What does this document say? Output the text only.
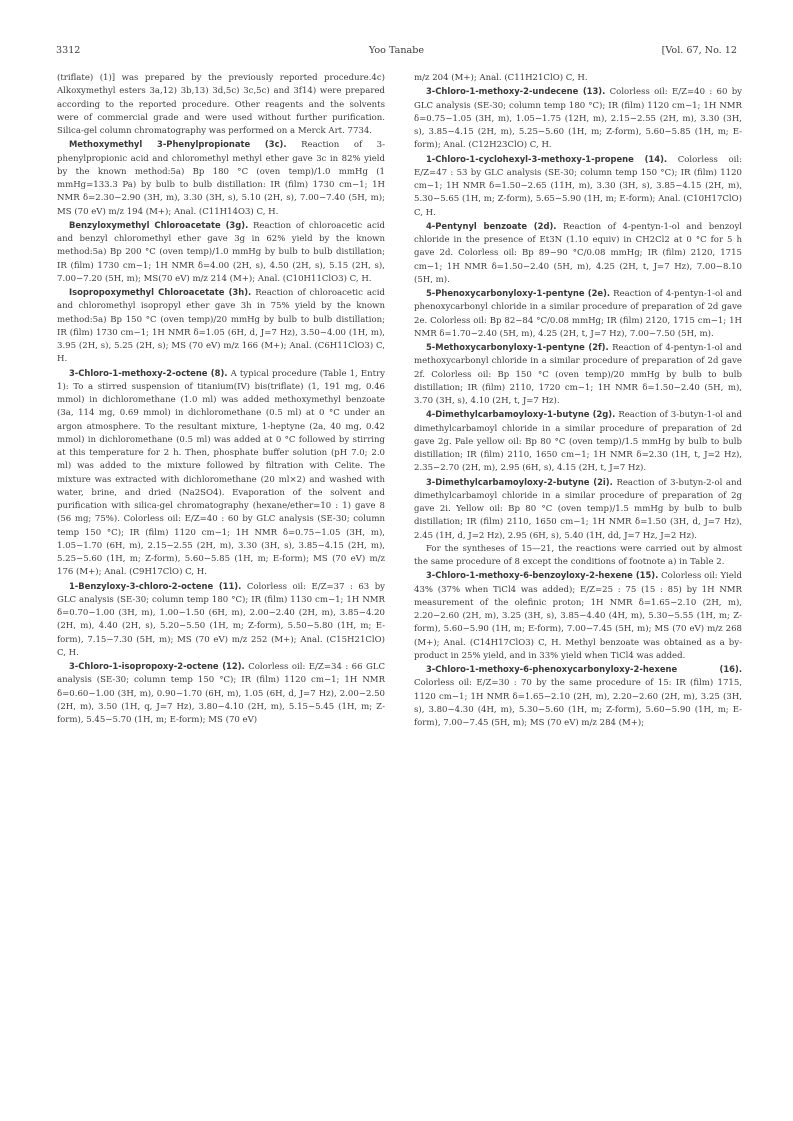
3312	Yoo Tanabe	[Vol. 67, No. 12

(triflate) (1)] was prepared by the previously reported procedure.4c) Alkoxymethyl esters 3a,12) 3b,13) 3d,5c) 3c,5c) and 3f14) were prepared according to the reported procedure. Other reagents and the solvents were of commercial grade and were used without further purification. Silica-gel column chromatography was performed on a Merck Art. 7734.

Methoxymethyl 3-Phenylpropionate (3c). Reaction of 3-phenylpropionic acid and chloromethyl methyl ether gave 3c in 82% yield by the known method:5a) Bp 180 °C (oven temp)/1.0 mmHg (1 mmHg=133.3 Pa) by bulb to bulb distillation: IR (film) 1730 cm−1; 1H NMR δ=2.30−2.90 (3H, m), 3.30 (3H, s), 5.10 (2H, s), 7.00−7.40 (5H, m); MS (70 eV) m/z 194 (M+); Anal. (C11H14O3) C, H.

Benzyloxymethyl Chloroacetate (3g). Reaction of chloroacetic acid and benzyl chloromethyl ether gave 3g in 62% yield by the known method:5a) Bp 200 °C (oven temp)/1.0 mmHg by bulb to bulb distillation; IR (film) 1730 cm−1; 1H NMR δ=4.00 (2H, s), 4.50 (2H, s), 5.15 (2H, s), 7.00−7.20 (5H, m); MS(70 eV) m/z 214 (M+); Anal. (C10H11ClO3) C, H.

Isopropoxymethyl Chloroacetate (3h). Reaction of chloroacetic acid and chloromethyl isopropyl ether gave 3h in 75% yield by the known method:5a) Bp 150 °C (oven temp)/20 mmHg by bulb to bulb distillation; IR (film) 1730 cm−1; 1H NMR δ=1.05 (6H, d, J=7 Hz), 3.50−4.00 (1H, m), 3.95 (2H, s), 5.25 (2H, s); MS (70 eV) m/z 166 (M+); Anal. (C6H11ClO3) C, H.

3-Chloro-1-methoxy-2-octene (8). A typical procedure (Table 1, Entry 1): To a stirred suspension of titanium(IV) bis(triflate) (1, 191 mg, 0.46 mmol) in dichloromethane (1.0 ml) was added methoxymethyl benzoate (3a, 114 mg, 0.69 mmol) in dichloromethane (0.5 ml) at 0 °C under an argon atmosphere. To the resultant mixture, 1-heptyne (2a, 40 mg, 0.42 mmol) in dichloromethane (0.5 ml) was added at 0 °C followed by stirring at this temperature for 2 h. Then, phosphate buffer solution (pH 7.0; 2.0 ml) was added to the mixture followed by filtration with Celite. The mixture was extracted with dichloromethane (20 ml×2) and washed with water, brine, and dried (Na2SO4). Evaporation of the solvent and purification with silica-gel chromatography (hexane/ether=10 : 1) gave 8 (56 mg; 75%). Colorless oil: E/Z=40 : 60 by GLC analysis (SE-30; column temp 150 °C); IR (film) 1120 cm−1; 1H NMR δ=0.75−1.05 (3H, m), 1.05−1.70 (6H, m), 2.15−2.55 (2H, m), 3.30 (3H, s), 3.85−4.15 (2H, m), 5.25−5.60 (1H, m; Z-form), 5.60−5.85 (1H, m; E-form); MS (70 eV) m/z 176 (M+); Anal. (C9H17ClO) C, H.

1-Benzyloxy-3-chloro-2-octene (11). Colorless oil: E/Z=37 : 63 by GLC analysis (SE-30; column temp 180 °C); IR (film) 1130 cm−1; 1H NMR δ=0.70−1.00 (3H, m), 1.00−1.50 (6H, m), 2.00−2.40 (2H, m), 3.85−4.20 (2H, m), 4.40 (2H, s), 5.20−5.50 (1H, m; Z-form), 5.50−5.80 (1H, m; E-form), 7.15−7.30 (5H, m); MS (70 eV) m/z 252 (M+); Anal. (C15H21ClO) C, H.

3-Chloro-1-isopropoxy-2-octene (12). Colorless oil: E/Z=34 : 66 GLC analysis (SE-30; column temp 150 °C); IR (film) 1120 cm−1; 1H NMR δ=0.60−1.00 (3H, m), 0.90−1.70 (6H, m), 1.05 (6H, d, J=7 Hz), 2.00−2.50 (2H, m), 3.50 (1H, q, J=7 Hz), 3.80−4.10 (2H, m), 5.15−5.45 (1H, m; Z-form), 5.45−5.70 (1H, m; E-form); MS (70 eV)

m/z 204 (M+); Anal. (C11H21ClO) C, H.

3-Chloro-1-methoxy-2-undecene (13). Colorless oil: E/Z=40 : 60 by GLC analysis (SE-30; column temp 180 °C); IR (film) 1120 cm−1; 1H NMR δ=0.75−1.05 (3H, m), 1.05−1.75 (12H, m), 2.15−2.55 (2H, m), 3.30 (3H, s), 3.85−4.15 (2H, m), 5.25−5.60 (1H, m; Z-form), 5.60−5.85 (1H, m; E-form); Anal. (C12H23ClO) C, H.

1-Chloro-1-cyclohexyl-3-methoxy-1-propene (14). Colorless oil: E/Z=47 : 53 by GLC analysis (SE-30; column temp 150 °C); IR (film) 1120 cm−1; 1H NMR δ=1.50−2.65 (11H, m), 3.30 (3H, s), 3.85−4.15 (2H, m), 5.30−5.65 (1H, m; Z-form), 5.65−5.90 (1H, m; E-form); Anal. (C10H17ClO) C, H.

4-Pentynyl benzoate (2d). Reaction of 4-pentyn-1-ol and benzoyl chloride in the presence of Et3N (1.10 equiv) in CH2Cl2 at 0 °C for 5 h gave 2d. Colorless oil: Bp 89−90 °C/0.08 mmHg; IR (film) 2120, 1715 cm−1; 1H NMR δ=1.50−2.40 (5H, m), 4.25 (2H, t, J=7 Hz), 7.00−8.10 (5H, m).

5-Phenoxycarbonyloxy-1-pentyne (2e). Reaction of 4-pentyn-1-ol and phenoxycarbonyl chloride in a similar procedure of preparation of 2d gave 2e. Colorless oil: Bp 82−84 °C/0.08 mmHg; IR (film) 2120, 1715 cm−1; 1H NMR δ=1.70−2.40 (5H, m), 4.25 (2H, t, J=7 Hz), 7.00−7.50 (5H, m).

5-Methoxycarbonyloxy-1-pentyne (2f). Reaction of 4-pentyn-1-ol and methoxycarbonyl chloride in a similar procedure of preparation of 2d gave 2f. Colorless oil: Bp 150 °C (oven temp)/20 mmHg by bulb to bulb distillation; IR (film) 2110, 1720 cm−1; 1H NMR δ=1.50−2.40 (5H, m), 3.70 (3H, s), 4.10 (2H, t, J=7 Hz).

4-Dimethylcarbamoyloxy-1-butyne (2g). Reaction of 3-butyn-1-ol and dimethylcarbamoyl chloride in a similar procedure of preparation of 2d gave 2g. Pale yellow oil: Bp 80 °C (oven temp)/1.5 mmHg by bulb to bulb distillation; IR (film) 2110, 1650 cm−1; 1H NMR δ=2.30 (1H, t, J=2 Hz), 2.35−2.70 (2H, m), 2.95 (6H, s), 4.15 (2H, t, J=7 Hz).

3-Dimethylcarbamoyloxy-2-butyne (2i). Reaction of 3-butyn-2-ol and dimethylcarbamoyl chloride in a similar procedure of preparation of 2g gave 2i. Yellow oil: Bp 80 °C (oven temp)/1.5 mmHg by bulb to bulb distillation; IR (film) 2110, 1650 cm−1; 1H NMR δ=1.50 (3H, d, J=7 Hz), 2.45 (1H, d, J=2 Hz), 2.95 (6H, s), 5.40 (1H, dd, J=7 Hz, J=2 Hz).

For the syntheses of 15—21, the reactions were carried out by almost the same procedure of 8 except the conditions of footnote a) in Table 2.

3-Chloro-1-methoxy-6-benzoyloxy-2-hexene (15). Colorless oil: Yield 43% (37% when TiCl4 was added); E/Z=25 : 75 (15 : 85) by 1H NMR measurement of the olefinic proton; 1H NMR δ=1.65−2.10 (2H, m), 2.20−2.60 (2H, m), 3.25 (3H, s), 3.85−4.40 (4H, m), 5.30−5.55 (1H, m; Z-form), 5.60−5.90 (1H, m; E-form), 7.00−7.45 (5H, m); MS (70 eV) m/z 268 (M+); Anal. (C14H17ClO3) C, H. Methyl benzoate was obtained as a by-product in 25% yield, and in 33% yield when TiCl4 was added.

3-Chloro-1-methoxy-6-phenoxycarbonyloxy-2-hexene (16). Colorless oil: E/Z=30 : 70 by the same procedure of 15: IR (film) 1715, 1120 cm−1; 1H NMR δ=1.65−2.10 (2H, m), 2.20−2.60 (2H, m), 3.25 (3H, s), 3.80−4.30 (4H, m), 5.30−5.60 (1H, m; Z-form), 5.60−5.90 (1H, m; E-form), 7.00−7.45 (5H, m); MS (70 eV) m/z 284 (M+);
